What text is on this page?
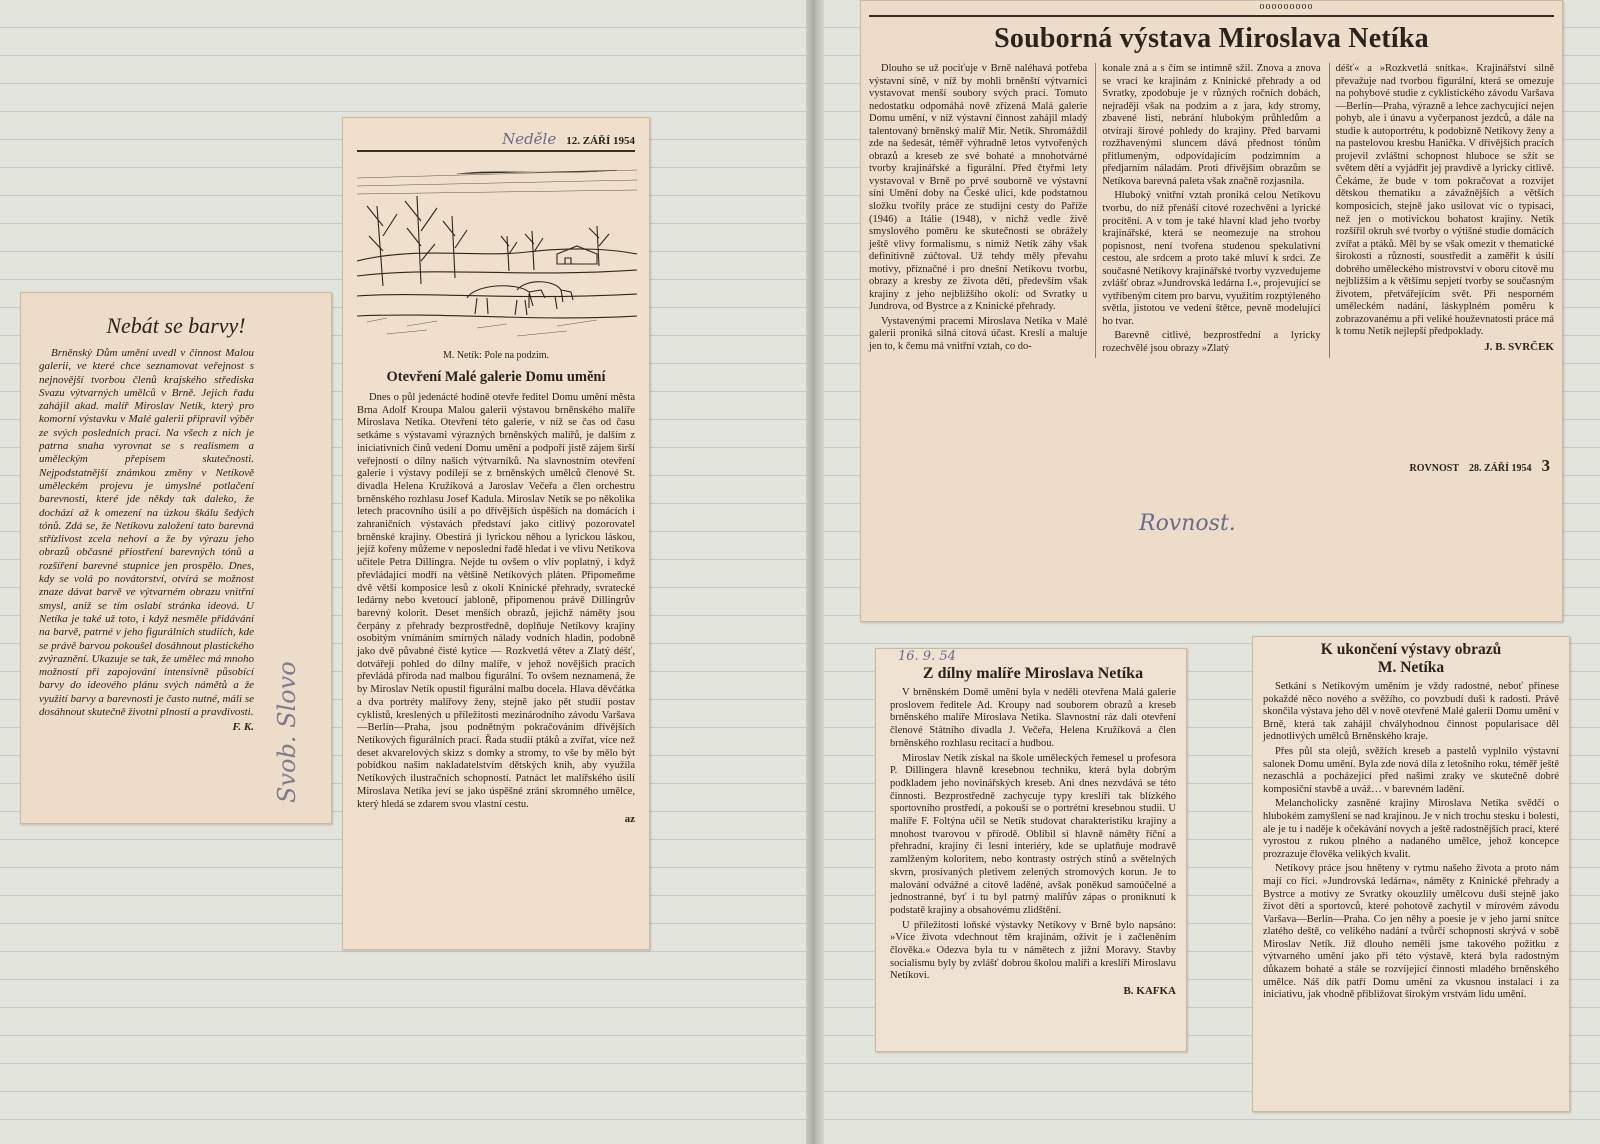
Nebát se barvy!

Brněnský Dům umění uvedl v činnost Malou galerii, ve které chce seznamovat veřejnost s nejnovější tvorbou členů krajského střediska Svazu výtvarných umělců v Brně. Jejich řadu zahájil akad. malíř Miroslav Netík, který pro komorní výstavku v Malé galerii připravil výběr ze svých posledních prací. Na všech z nich je patrna snaha vyrovnat se s realismem a uměleckým přepisem skutečnosti. Nejpodstatnější známkou změny v Netíkově uměleckém projevu je úmyslné potlačení barevnosti, které jde někdy tak daleko, že dochází až k omezení na úzkou škálu šedých tónů. Zdá se, že Netíkovu založení tato barevná střízlivost zcela nehoví a že by výrazu jeho obrazů občasné přiostření barevných tónů a rozšíření barevné stupnice jen prospělo. Dnes, kdy se volá po novátorství, otvírá se možnost znaze dávat barvě ve výtvarném obrazu vnitřní smysl, aniž se tím oslabí stránka ideová. U Netíka je také už toto, i když nesměle přidávání na barvě, patrné v jeho figurálních studiích, kde se právě barvou pokoušel dosáhnout plastického zvýraznění. Ukazuje se tak, že umělec má mnoho možností při zapojování intensivně působící barvy do ideového plánu svých námětů a že využití barvy a barevnosti je často nutné, máli se dosáhnout skutečně životní plnosti a pravdivosti.

F. K. Svob. Slovo
Neděle 12. ZÁŘÍ 1954
M. Netík: Pole na podzim.
Otevření Malé galerie Domu umění

Dnes o půl jedenácté hodině otevře ředitel Domu umění města Brna Adolf Kroupa Malou galerii výstavou brněnského malíře Miroslava Netíka. Otevření této galerie, v níž se čas od času setkáme s výstavami výrazných brněnských malířů, je dalším z iniciativních činů vedení Domu umění a podpoří jistě zájem širší veřejnosti o dílny našich výtvarníků. Na slavnostním otevření galerie i výstavy podílejí se z brněnských umělců členové St. divadla Helena Kružíková a Jaroslav Večeřa a člen orchestru brněnského rozhlasu Josef Kadula. Miroslav Netík se po několika letech pracovního úsilí a po dřívějších úspěších na domácích i zahraničních výstavách představí jako citlivý pozorovatel brněnské krajiny. Obestírá ji lyrickou něhou a lyrickou láskou, jejíž kořeny můžeme v neposlední řadě hledat i ve vlivu Netíkova učitele Petra Dillingra. Nejde tu ovšem o vliv poplatný, i když převládající modří na většině Netíkových pláten. Připomeňme dvě větší komposice lesů z okolí Kninické přehrady, svratecké ledárny nebo kvetoucí jabloně, připomenou právě Dillingrův barevný kolorit. Deset menších obrazů, jejichž náměty jsou čerpány z přehrady bezprostředně, doplňuje Netíkovy krajiny osobitým vnímáním smírných nálady vodních hladin, podobně jako dvě půvabné čisté kytice — Rozkvetlá větev a Zlatý déšť, dotvářejí pohled do dílny malíře, v jehož novějších pracích převládá příroda nad malbou figurální. To ovšem neznamená, že by Miroslav Netík opustil figurální malbu docela. Hlava děvčátka a dva portréty malířovy ženy, stejně jako pět studií postav cyklistů, kreslených u příležitosti mezinárodního závodu Varšava—Berlín—Praha, jsou podnětným pokračováním dřívějších Netíkových figurálních prací. Řada studií ptáků a zvířat, více než deset akvarelových skizz s domky a stromy, to vše by mělo být pobídkou našim nakladatelstvím dětských knih, aby využila Netíkových ilustračních schopností. Patnáct let malířského úsilí Miroslava Netíka jeví se jako úspěšné zrání skromného umělce, který hledá se zdarem svou vlastní cestu.

az
ooooooooo
Souborná výstava Miroslava Netíka

Dlouho se už pociťuje v Brně naléhavá potřeba výstavní síně, v níž by mohli brněnští výtvarníci vystavovat menší soubory svých prací. Tomuto nedostatku odpomáhá nově zřízená Malá galerie Domu umění, v níž výstavní činnost zahájil mladý talentovaný brněnský malíř Mir. Netík. Shromáždil zde na šedesát, téměř výhradně letos vytvořených obrazů a kreseb ze své bohaté a mnohotvárné tvorby krajinářské a figurální. Před čtyřmi lety vystavoval v Brně po prvé souborně ve výstavní síni Umění doby na České ulici, kde podstatnou složku tvořily práce ze studijní cesty do Paříže (1946) a Itálie (1948), v nichž vedle živě smyslového poměru ke skutečnosti se obrážely ještě vlivy formalismu, s nimiž Netík záhy však definitivně zúčtoval. Už tehdy měly převahu motivy, příznačné i pro dnešní Netíkovu tvorbu, obrazy a kresby ze života dětí, především však krajiny z jeho nejbližšího okolí: od Svratky u Jundrova, od Bystrce a z Kninické přehrady.

Vystavenými pracemi Miroslava Netíka v Malé galerii proniká silná citová účast. Kreslí a maluje jen to, k čemu má vnitřní vztah, co do-

konale zná a s čím se intimně sžil. Znova a znova se vrací ke krajinám z Kninické přehrady a od Svratky, zpodobuje je v různých ročních dobách, nejraději však na podzim a z jara, kdy stromy, zbavené listí, nebrání hlubokým průhledům a otvírají širové pohledy do krajiny. Před barvami rozžhavenými sluncem dává přednost tónům přitlumeným, odpovídajícím podzimním a předjarním náladám. Proti dřívějším obrazům se Netíkova barevná paleta však značně rozjasnila.

Hluboký vnitřní vztah proniká celou Netíkovu tvorbu, do níž přenáší citové rozechvění a lyrické procítění. A v tom je také hlavní klad jeho tvorby krajinářské, která se neomezuje na strohou popisnost, není tvořena studenou spekulativní cestou, ale srdcem a proto také mluví k srdci. Ze současné Netíkovy krajinářské tvorby vyzvedujeme zvlášť obraz »Jundrovská ledárna I.«, projevující se vytříbeným citem pro barvu, využitím rozptýleného světla, jistotou ve vedení štětce, pevně modelující ho tvar.

Barevně citlivé, bezprostřední a lyricky rozechvělé jsou obrazy »Zlatý

déšť« a »Rozkvetlá snítka«. Krajinářství silně převažuje nad tvorbou figurální, která se omezuje na pohybové studie z cyklistického závodu Varšava—Berlín—Praha, výrazně a lehce zachycující nejen pohyb, ale i únavu a vyčerpanost jezdců, a dále na studie k autoportrétu, k podobizně Netíkovy ženy a na pastelovou kresbu Hanička. V dřívějších pracích projevil zvláštní schopnost hluboce se sžít se světem dětí a vyjádřit jej pravdivě a lyricky citlivě. Čekáme, že bude v tom pokračovat a rozvíjet dětskou thematiku a závažnějších a větších komposicích, stejně jako usilovat víc o typisaci, než jen o motivickou bohatost krajiny. Netík rozšířil okruh své tvorby o výtišné studie domácích zvířat a ptáků. Měl by se však omezit v thematické širokosti a různosti, soustředit a zaměřit k úsilí dobrého uměleckého mistrovství v oboru citově mu nejbližším a k většímu sepjetí tvorby se současným životem, přetvářejícím svět. Při nesporném uměleckém nadání, láskyplném poměru k zobrazovanému a při veliké houževnatosti práce má k tomu Netík nejlepší předpoklady.

J. B. SVRČEK
ROVNOST 28. ZÁŘÍ 1954 3
Rovnost.
16. 9. 54
Z dílny malíře Miroslava Netíka

V brněnském Domě umění byla v neděli otevřena Malá galerie proslovem ředitele Ad. Kroupy nad souborem obrazů a kreseb brněnského malíře Miroslava Netíka. Slavnostní ráz dali otevření členové Státního divadla J. Večeřa, Helena Kružíková a člen brněnského rozhlasu recitací a hudbou.

Miroslav Netík získal na škole uměleckých řemesel u profesora P. Dillingera hlavně kresebnou techniku, která byla dobrým podkladem jeho novinářských kreseb. Ani dnes nezvdává se této činnosti. Bezprostředně zachycuje typy kreslíři tak blízkého sportovního prostředí, a pokouší se o portrétní kresebnou studii. U malíře F. Foltýna učil se Netík studovat charakteristiku krajiny a mnohost tvarovou v přírodě. Oblíbil si hlavně náměty říční a přehradní, krajiny či lesní interiéry, kde se uplatňuje modravě zamlženým koloritem, nebo kontrasty ostrých stínů a světelných skvrn, prosívaných pletivem zelených stromových korun. Je to malování odvážné a citově laděné, avšak poněkud samoúčelné a jednostranné, byť i tu byl patrný malířův zápas o proniknutí k podstatě krajiny a obsahovému zlidštění.

U příležitosti loňské výstavky Netíkovy v Brně bylo napsáno: »Více života vdechnout těm krajinám, oživit je i začleněním člověka.« Odezva byla tu v námětech z jižní Moravy. Stavby socialismu byly by zvlášť dobrou školou malíři a kreslíři Miroslavu Netíkovi.

B. KAFKA
K ukončení výstavy obrazů
M. Netíka

Setkání s Netíkovým uměním je vždy radostné, neboť přinese pokaždé něco nového a svěžího, co povzbudí duši k radosti. Právě skončila výstava jeho děl v nově otevřené Malé galerii Domu umění v Brně, která tak zahájil chvályhodnou činnost popularisace děl jednotlivých umělců Brněnského kraje.

Přes půl sta olejů, svěžích kreseb a pastelů vyplnilo výstavní salonek Domu umění. Byla zde nová díla z letošního roku, téměř ještě nezaschlá a pocházející před našimi zraky ve skutečně dobré komposiční stavbě a uváž… v barevném ladění.

Melancholicky zasněné krajiny Miroslava Netíka svědčí o hlubokém zamyšlení se nad krajinou. Je v nich trochu stesku i bolesti, ale je tu i naděje k očekávání novych a ještě radostnějších prací, které vyrostou z rukou plného a nadaného umělce, jehož koncepce prozrazuje člověka velikých kvalit.

Netíkovy práce jsou hněteny v rytmu našeho života a proto nám mají co říci. »Jundrovská ledárna«, náměty z Kninické přehrady a Bystrce a motivy ze Svratky okouzlily umělcovu duši stejně jako život dětí a sportovců, které pohotově zachytil v mírovém závodu Varšava—Berlín—Praha. Co jen něhy a poesie je v jeho jarní snítce zlatého deště, co velikého nadání a tvůrčí schopnosti skrývá v sobě Miroslav Netík. Již dlouho neměli jsme takového požitku z výtvarného umění jako při této výstavě, která byla radostným důkazem bohaté a stále se rozvíjející činnosti mladého brněnského umělce. Náš dík patří Domu umění za vkusnou instalaci i za iniciativu, jak vhodně přibližovat širokým vrstvám lidu umění.
